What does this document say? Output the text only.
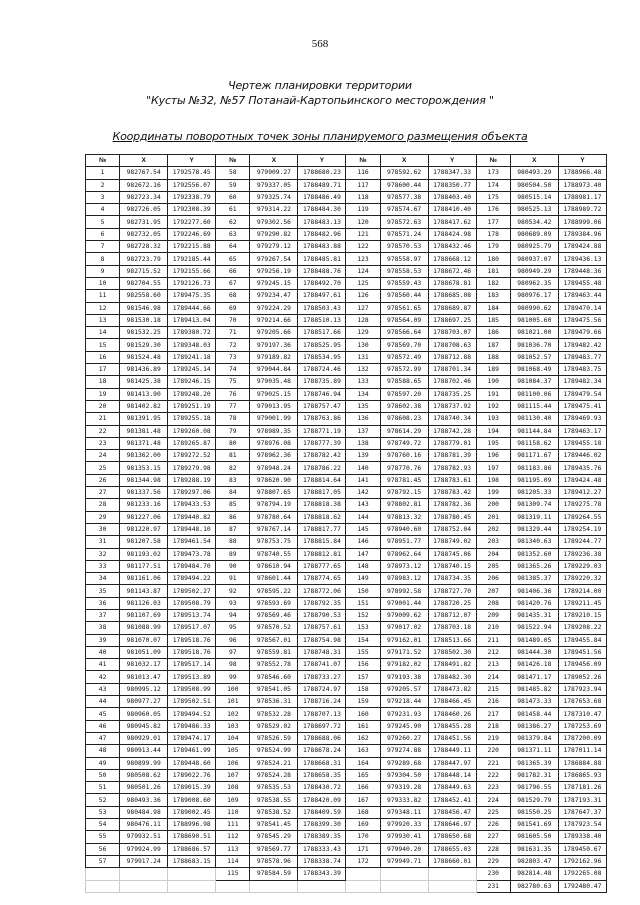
568
Чертеж планировки территории
"Кусты №32, №57 Потанай-Картопьинского месторождения "
Координаты поворотных точек зоны планируемого размещения объекта
№	X	Y	№	X	Y	№	X	Y	№	X	Y
1	982767.54	1792578.45	58	979909.27	1788680.23	116	978592.62	1788347.33	173	980493.29	1788966.48
2	982672.16	1792556.07	59	979337.05	1788489.71	117	978600.44	1788350.77	174	980504.50	1788973.40
3	982723.34	1792338.79	60	979325.74	1788486.49	118	978577.38	1788403.40	175	980515.14	1788981.17
4	982726.05	1792308.39	61	979314.22	1788484.30	119	978574.67	1788410.40	176	980525.13	1788989.72
5	982731.95	1792277.60	62	979302.56	1788483.13	120	978572.63	1788417.62	177	980534.42	1788999.06
6	982732.05	1792246.69	63	979290.82	1788482.96	121	978571.24	1788424.98	178	980689.09	1789384.96
7	982728.32	1792215.88	64	979279.12	1788483.88	122	978570.53	1788432.46	179	980925.79	1789424.88
8	982723.79	1792185.44	65	979267.54	1788485.81	123	978558.97	1788668.12	180	980937.07	1789436.13
9	982715.52	1792155.66	66	979256.19	1788488.76	124	978558.53	1788672.46	181	980949.29	1789448.36
10	982704.55	1792126.73	67	979245.15	1788492.70	125	978559.43	1788678.81	182	980962.35	1789455.48
11	982558.60	1789475.35	68	979234.47	1788497.61	126	978560.44	1788685.08	183	980976.17	1789463.44
12	981546.98	1789444.66	69	979224.29	1788503.43	127	978561.65	1788689.87	184	980990.62	1789470.14
13	981530.18	1789413.04	70	979214.66	1788510.13	128	978564.09	1788697.25	185	981005.60	1789475.56
14	981532.25	1789380.72	71	979205.66	1788517.66	129	978566.64	1788703.07	186	981021.00	1789479.66
15	981529.30	1789348.03	72	979197.36	1788525.95	130	978569.70	1788708.63	187	981036.70	1789482.42
16	981524.48	1789241.18	73	979189.82	1788534.95	131	978572.49	1788712.88	188	981052.57	1789483.77
17	981436.89	1789245.14	74	979044.84	1788724.46	132	978572.99	1788701.34	189	981068.49	1789483.75
18	981425.38	1789246.15	75	979035.48	1788735.89	133	978588.65	1788702.46	190	981084.37	1789482.34
19	981413.90	1789248.20	76	979025.15	1788746.94	134	978597.20	1788735.25	191	981100.06	1789479.54
20	981402.82	1789251.19	77	979013.95	1788757.47	135	978602.38	1788737.92	192	981115.44	1789475.41
21	981391.95	1789255.18	78	979001.99	1788763.86	136	978608.23	1788740.34	193	981130.40	1789469.93
22	981381.48	1789260.08	79	978989.35	1788771.19	137	978614.29	1788742.28	194	981144.84	1789463.17
23	981371.48	1789265.87	80	978976.08	1788777.39	138	978749.72	1788779.01	195	981158.62	1789455.18
24	981362.00	1789272.52	81	978962.36	1788782.42	139	978760.16	1788781.39	196	981171.67	1789446.02
25	981353.15	1789279.98	82	978948.24	1788786.22	140	978770.76	1788782.93	197	981183.86	1789435.76
26	981344.98	1789288.19	83	978620.90	1788814.64	141	978781.45	1788783.61	198	981195.09	1789424.48
27	981337.56	1789297.06	84	978807.65	1788817.05	142	978792.15	1788783.42	199	981205.33	1789412.27
28	981233.16	1789433.53	85	978794.19	1788818.38	143	978802.81	1788782.36	200	981309.74	1789275.78
29	981227.06	1789440.82	86	978780.64	1788818.62	144	978813.32	1788780.45	201	981319.11	1789264.55
30	981220.97	1789448.10	87	978767.14	1788817.77	145	978940.60	1788752.04	202	981329.44	1789254.19
31	981207.58	1789461.54	88	978753.75	1788815.84	146	978951.77	1788749.02	203	981340.63	1789244.77
32	981193.02	1789473.78	89	978740.55	1788812.81	147	978962.64	1788745.06	204	981352.60	1789236.38
33	981177.51	1789484.70	90	978610.94	1788777.65	148	978973.12	1788740.15	205	981365.26	1789229.03
34	981161.06	1789494.22	91	978601.44	1788774.65	149	978983.12	1788734.35	206	981385.37	1789220.32
35	981143.87	1789502.27	92	978595.22	1788772.06	150	978992.58	1788727.70	207	981406.36	1789214.00
36	981126.03	1789508.79	93	978593.69	1788792.35	151	979001.44	1788720.25	208	981420.76	1789211.45
37	981107.69	1789513.74	94	978569.46	1788790.53	152	979009.62	1788712.07	209	981435.31	1789210.15
38	981088.99	1789517.07	95	978570.52	1788757.61	153	979017.02	1788703.18	210	981522.94	1789208.22
39	981070.07	1789518.76	96	978567.01	1788754.98	154	979162.01	1788513.66	211	981489.05	1789455.84
40	981051.09	1789518.76	97	978559.81	1788748.31	155	979171.52	1788502.30	212	981444.30	1789451.56
41	981032.17	1789517.14	98	978552.78	1788741.07	156	979182.02	1788491.82	213	981426.18	1789456.09
42	981013.47	1789513.89	99	978546.60	1788733.27	157	979193.38	1788482.30	214	981471.17	1789052.26
43	980995.12	1789508.99	100	978541.05	1788724.97	158	979205.57	1788473.82	215	981485.82	1787923.94
44	980977.27	1789502.51	101	978536.31	1788716.24	159	979218.44	1788466.45	216	981473.33	1787653.68
45	980960.05	1789494.52	102	978532.28	1788707.13	160	979231.93	1788460.26	217	981458.44	1787310.47
46	980945.82	1789486.33	103	978529.02	1788697.72	161	979245.90	1788455.28	218	981386.27	1787253.69
47	980929.01	1789474.17	104	978526.59	1788688.06	162	979260.27	1788451.56	219	981379.84	1787200.09
48	980913.44	1789461.99	105	978524.99	1788678.24	163	979274.88	1788449.11	220	981371.11	1787011.14
49	980899.99	1789448.60	106	978524.21	1788668.31	164	979289.68	1788447.97	221	981365.39	1786884.88
50	980508.62	1789022.76	107	978524.28	1788658.35	165	979304.50	1788448.14	222	981782.31	1786865.93
51	980501.26	1789015.39	108	978535.53	1788430.72	166	979319.28	1788449.63	223	981796.55	1787181.26
52	980493.36	1789008.60	109	978538.55	1788420.09	167	979333.82	1788452.41	224	981529.79	1787193.31
53	980484.98	1789002.45	110	978538.52	1788409.59	168	979348.11	1788456.47	225	981550.25	1787647.37
54	980476.11	1788996.98	111	978541.45	1788399.30	169	979920.33	1788646.97	226	981541.69	1787923.54
55	979932.51	1788690.51	112	978545.29	1788389.35	170	979930.41	1788650.68	227	981605.50	1789338.40
56	979924.99	1788686.57	113	978569.77	1788333.43	171	979940.20	1788655.03	228	981631.35	1789450.67
57	979917.24	1788683.15	114	978578.96	1788338.74	172	979949.71	1788660.01	229	982803.47	1792162.96
			115	978584.59	1788343.39				230	982814.48	1792265.08
									231	982780.63	1792480.47
